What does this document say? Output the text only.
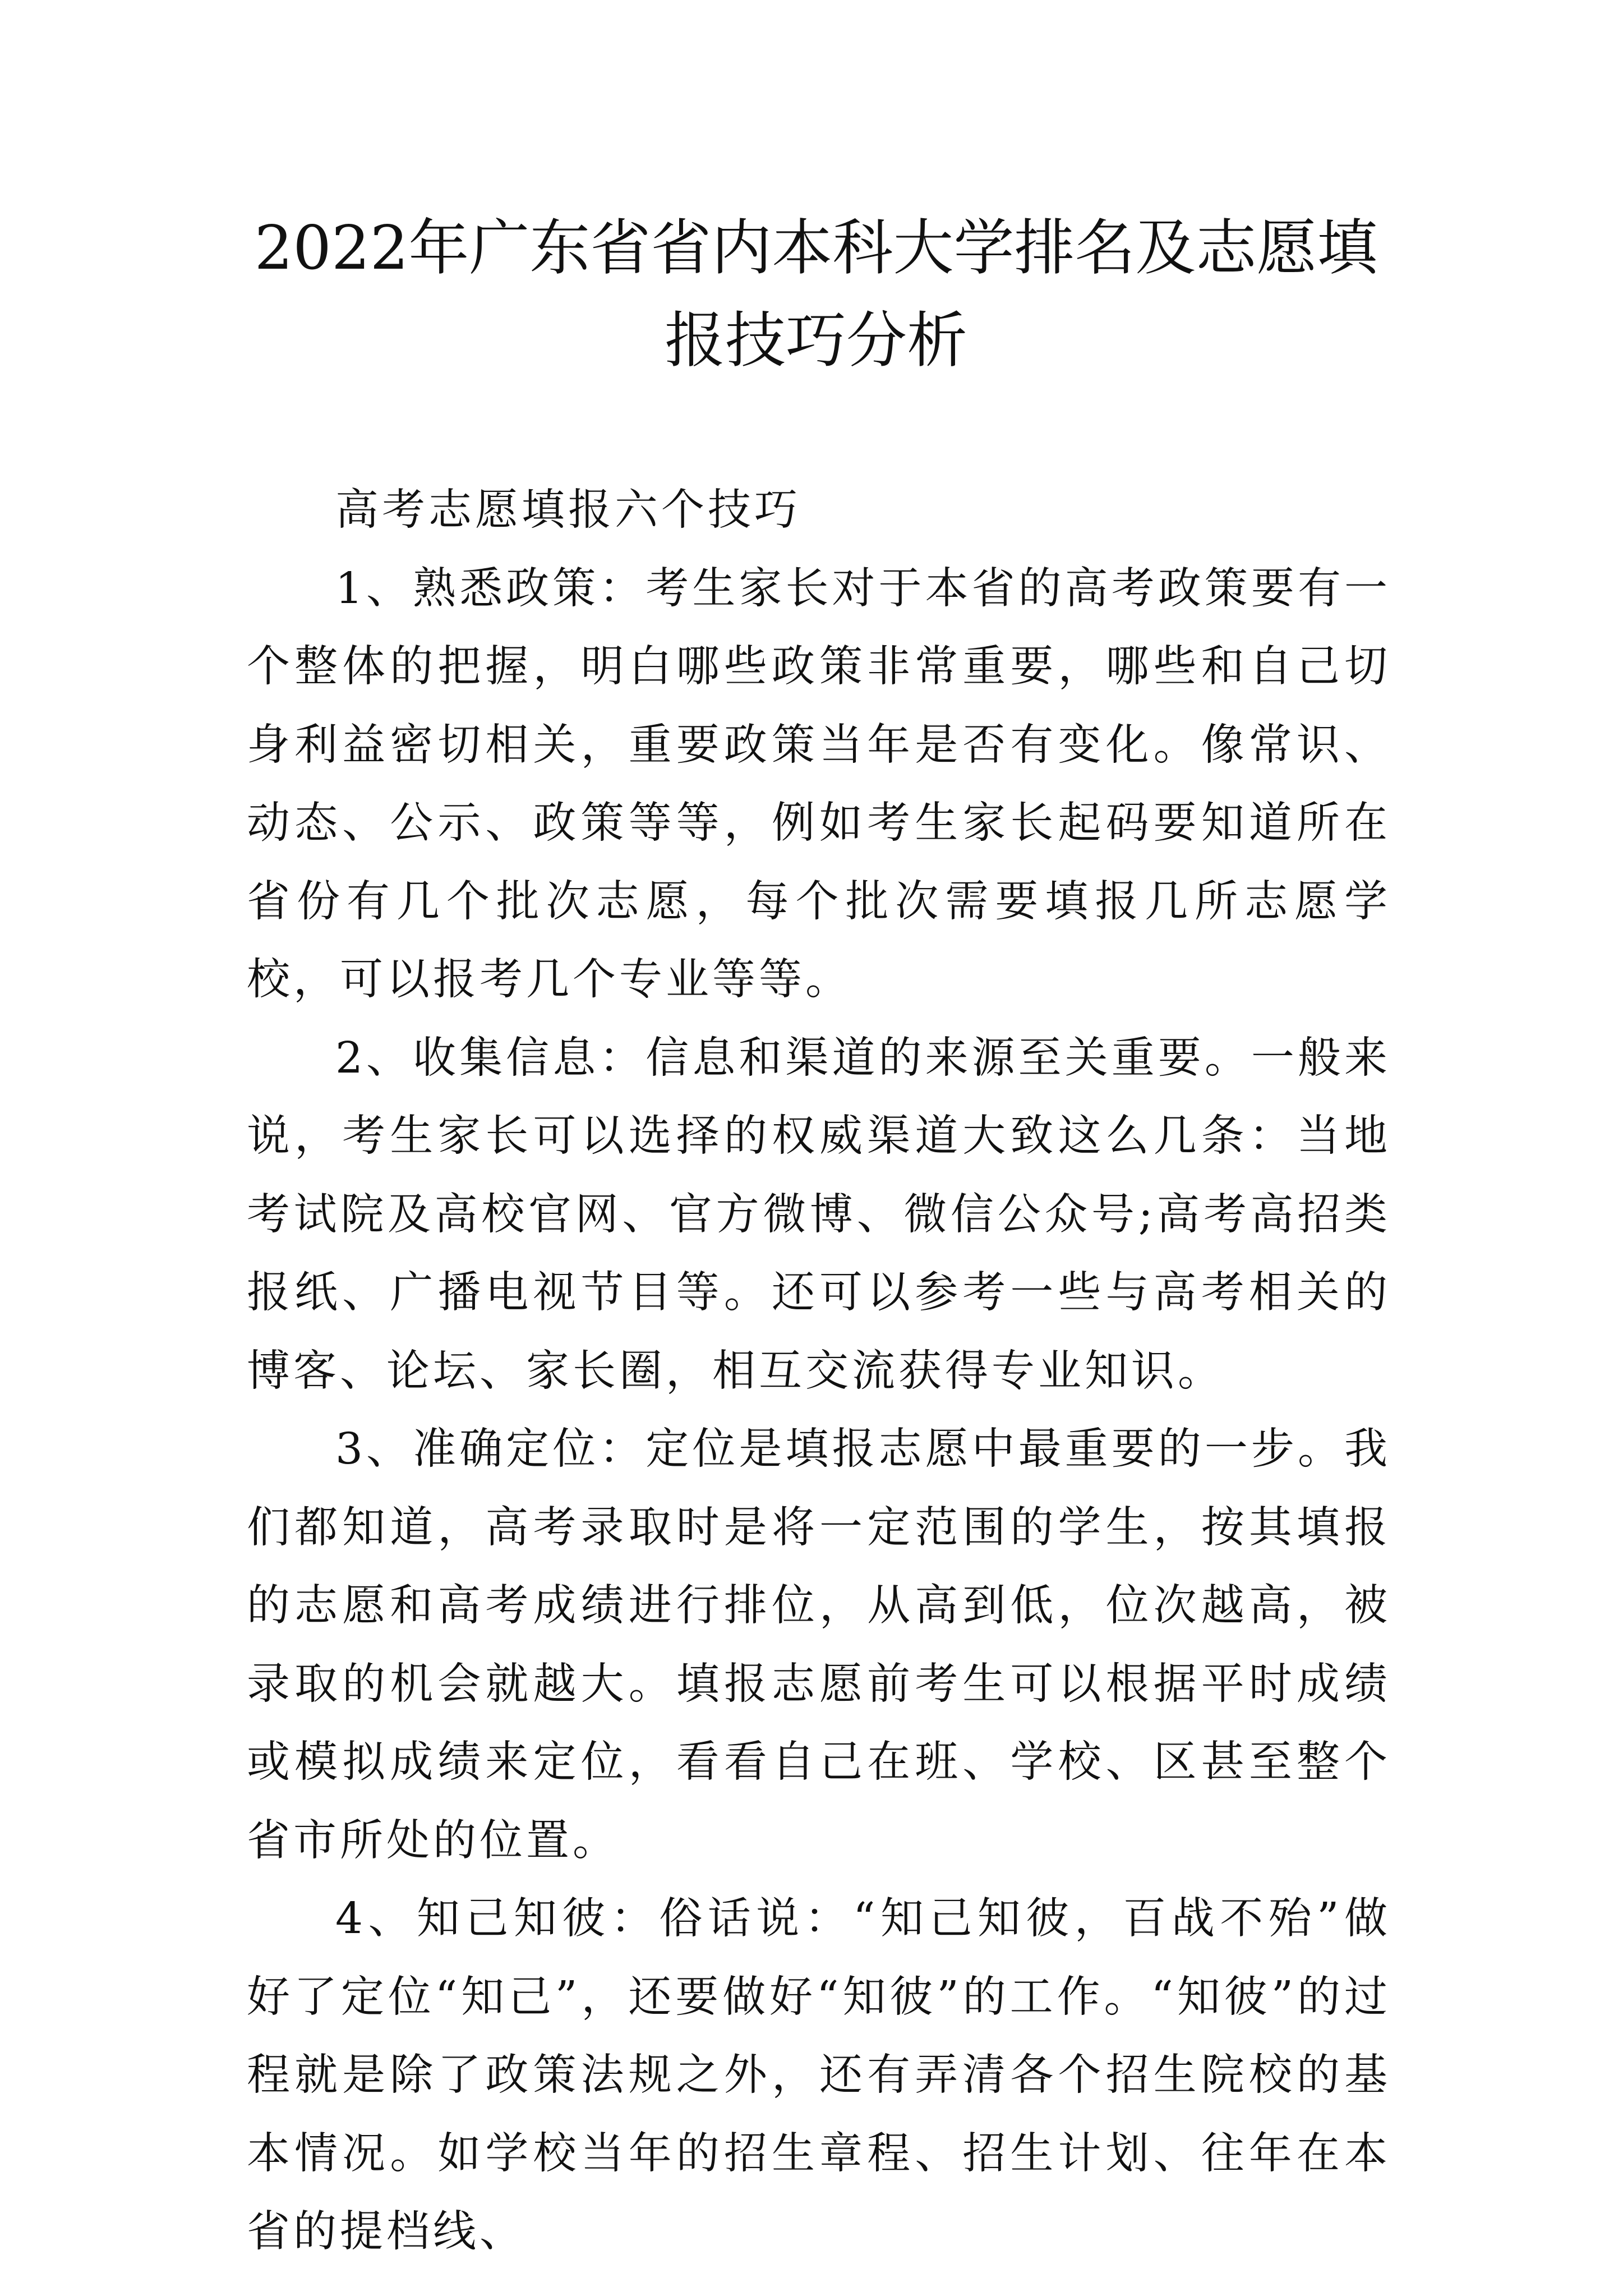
2022年广东省省内本科大学排名及志愿填报技巧分析

高考志愿填报六个技巧

1、熟悉政策：考生家长对于本省的高考政策要有一个整体的把握，明白哪些政策非常重要，哪些和自己切身利益密切相关，重要政策当年是否有变化。像常识、动态、公示、政策等等，例如考生家长起码要知道所在省份有几个批次志愿，每个批次需要填报几所志愿学校，可以报考几个专业等等。

2、收集信息：信息和渠道的来源至关重要。一般来说，考生家长可以选择的权威渠道大致这么几条：当地考试院及高校官网、官方微博、微信公众号;高考高招类报纸、广播电视节目等。还可以参考一些与高考相关的博客、论坛、家长圈，相互交流获得专业知识。

3、准确定位：定位是填报志愿中最重要的一步。我们都知道，高考录取时是将一定范围的学生，按其填报的志愿和高考成绩进行排位，从高到低，位次越高，被录取的机会就越大。填报志愿前考生可以根据平时成绩或模拟成绩来定位，看看自己在班、学校、区甚至整个省市所处的位置。

4、知己知彼：俗话说：“知己知彼，百战不殆”做好了定位“知己”，还要做好“知彼”的工作。“知彼”的过程就是除了政策法规之外，还有弄清各个招生院校的基本情况。如学校当年的招生章程、招生计划、往年在本省的提档线、
